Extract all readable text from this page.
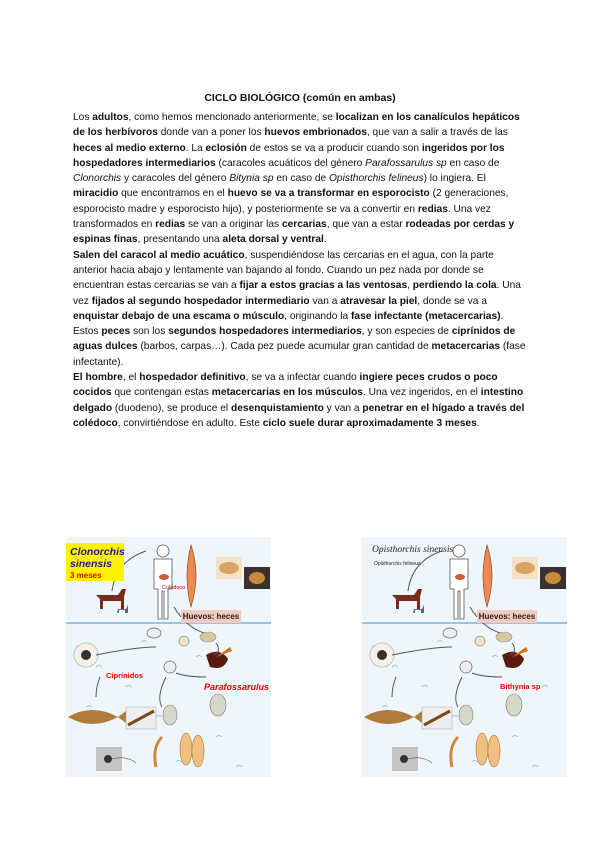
CICLO BIOLÓGICO (común en ambas)
Los adultos, como hemos mencionado anteriormente, se localizan en los canalículos hepáticos de los herbívoros donde van a poner los huevos embrionados, que van a salir a través de las heces al medio externo. La eclosión de estos se va a producir cuando son ingeridos por los hospedadores intermediarios (caracoles acuáticos del género Parafossarulus sp en caso de Clonorchis y caracoles del género Bitynia sp en caso de Opisthorchis felineus) lo ingiera. El miracidio que encontramos en el huevo se va a transformar en esporocisto (2 generaciones, esporocisto madre y esporocisto hijo), y posteriormente se va a convertir en redias. Una vez transformados en redias se van a originar las cercarias, que van a estar rodeadas por cerdas y espinas finas, presentando una aleta dorsal y ventral.
Salen del caracol al medio acuático, suspendiéndose las cercarias en el agua, con la parte anterior hacia abajo y lentamente van bajando al fondo. Cuando un pez nada por donde se encuentran estas cercarias se van a fijar a estos gracias a las ventosas, perdiendo la cola. Una vez fijados al segundo hospedador intermediario van a atravesar la piel, donde se va a enquistar debajo de una escama o músculo, originando la fase infectante (metacercarias). Estos peces son los segundos hospedadores intermediarios, y son especies de ciprínidos de aguas dulces (barbos, carpas…). Cada pez puede acumular gran cantidad de metacercarias (fase infectante).
El hombre, el hospedador definitivo, se va a infectar cuando ingiere peces crudos o poco cocidos que contengan estas metacercarias en los músculos. Una vez ingeridos, en el intestino delgado (duodeno), se produce el desenquistamiento y van a penetrar en el hígado a través del colédoco, convirtiéndose en adulto. Este ciclo suele durar aproximadamente 3 meses.
Clonorchis
sinensis
3 meses
Colédoco
Huevos: heces
Ciprínidos
Parafossarulus
Opisthorchis sinensis
Opisthorchis felineus
Huevos: heces
Bithynia sp
